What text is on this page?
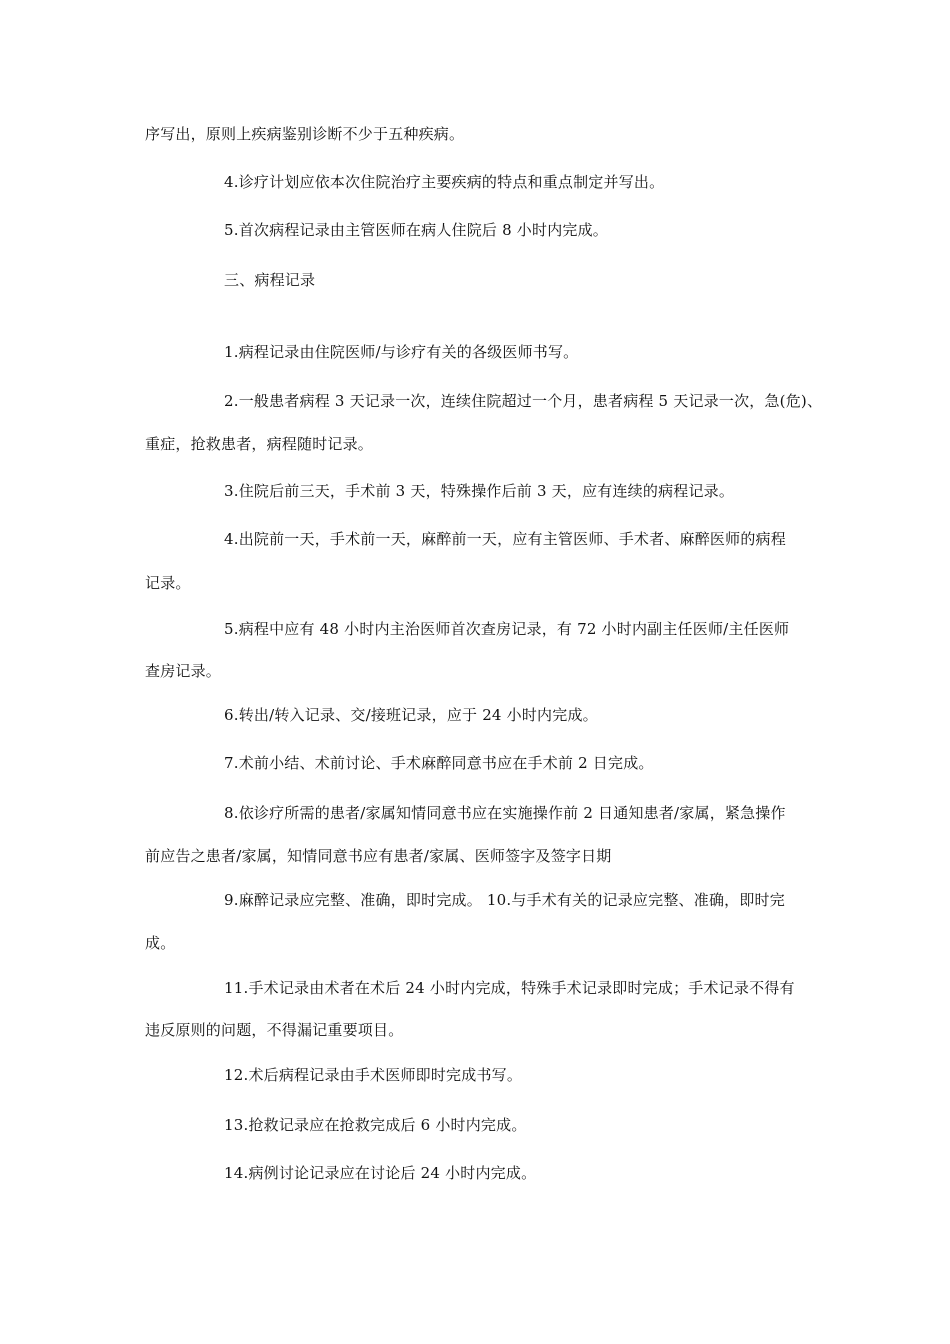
序写出，原则上疾病鉴别诊断不少于五种疾病。
4.诊疗计划应依本次住院治疗主要疾病的特点和重点制定并写出。
5.首次病程记录由主管医师在病人住院后 8 小时内完成。
三、病程记录
1.病程记录由住院医师/与诊疗有关的各级医师书写。
2.一般患者病程 3 天记录一次，连续住院超过一个月，患者病程 5 天记录一次，急(危)、
重症，抢救患者，病程随时记录。
3.住院后前三天，手术前 3 天，特殊操作后前 3 天，应有连续的病程记录。
4.出院前一天，手术前一天，麻醉前一天，应有主管医师、手术者、麻醉医师的病程
记录。
5.病程中应有 48 小时内主治医师首次查房记录，有 72 小时内副主任医师/主任医师
查房记录。
6.转出/转入记录、交/接班记录，应于 24 小时内完成。
7.术前小结、术前讨论、手术麻醉同意书应在手术前 2 日完成。
8.依诊疗所需的患者/家属知情同意书应在实施操作前 2 日通知患者/家属，紧急操作
前应告之患者/家属，知情同意书应有患者/家属、医师签字及签字日期
9.麻醉记录应完整、准确，即时完成。 10.与手术有关的记录应完整、准确，即时完
成。
11.手术记录由术者在术后 24 小时内完成，特殊手术记录即时完成；手术记录不得有
违反原则的问题，不得漏记重要项目。
12.术后病程记录由手术医师即时完成书写。
13.抢救记录应在抢救完成后 6 小时内完成。
14.病例讨论记录应在讨论后 24 小时内完成。
